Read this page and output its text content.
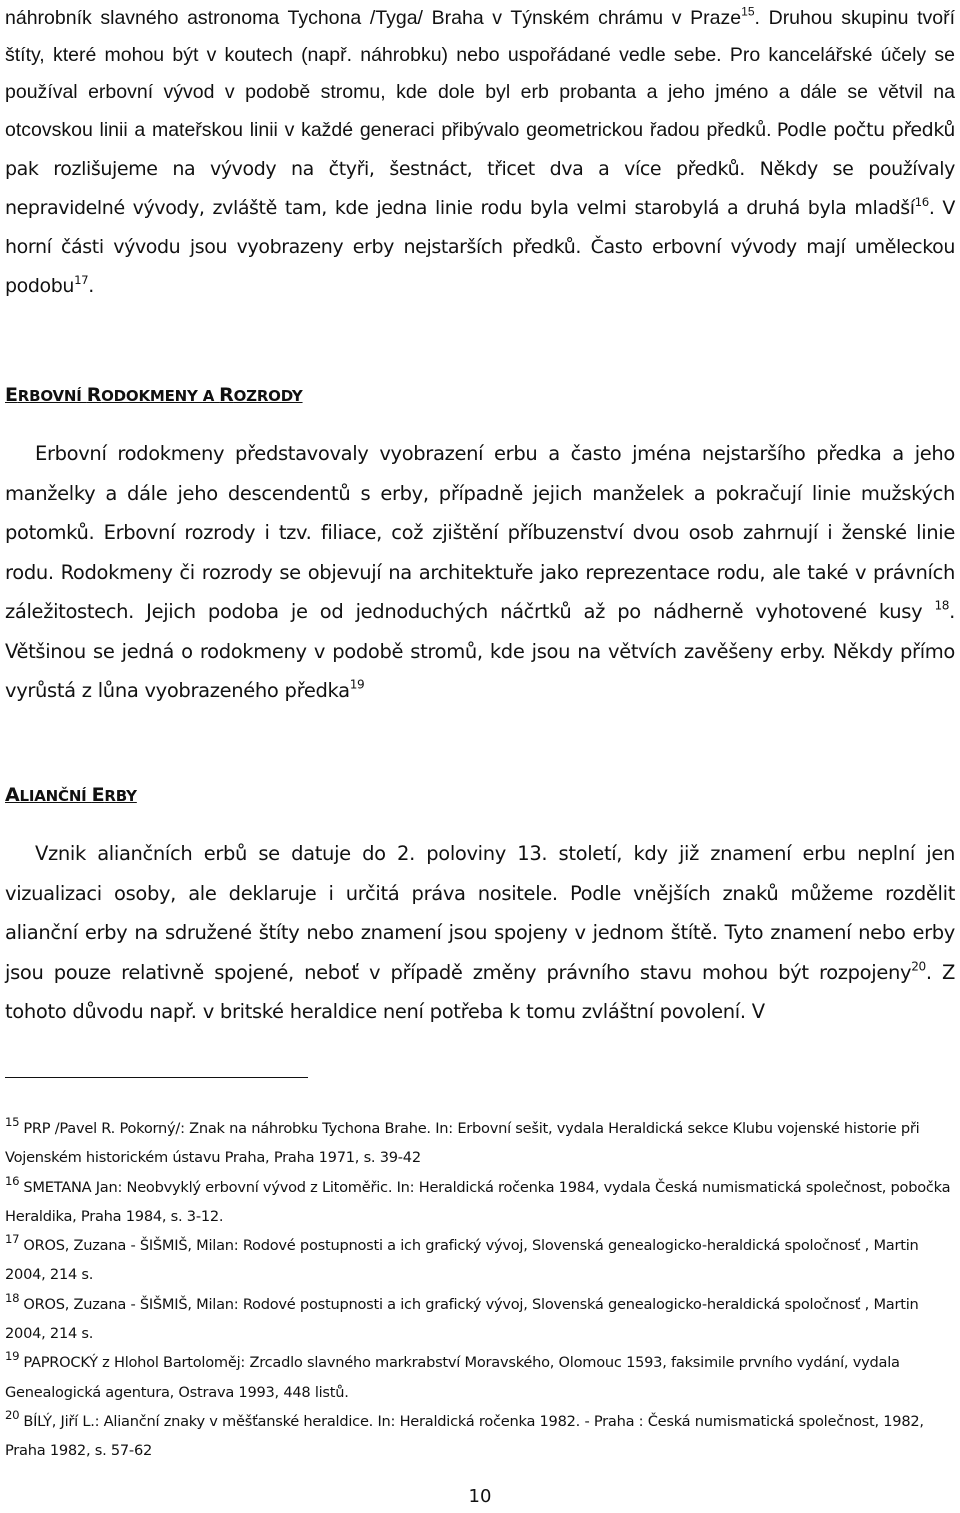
náhrobník slavného astronoma Tychona /Tyga/ Braha v Týnském chrámu v Praze$^{15}$. Druhou skupinu tvoří štíty, které mohou být v koutech (např. náhrobku) nebo uspořádané vedle sebe. Pro kancelářské účely se používal erbovní vývod v podobě stromu, kde dole byl erb probanta a jeho jméno a dále se větvil na otcovskou linii a mateřskou linii v každé generaci přibývalo geometrickou řadou předků. Podle počtu předků pak rozlišujeme na vývody na čtyři, šestnáct, třicet dva a více předků. Někdy se používaly nepravidelné vývody, zvláště tam, kde jedna linie rodu byla velmi starobylá a druhá byla mladší$^{16}$. V horní části vývodu jsou vyobrazeny erby nejstarších předků. Často erbovní vývody mají uměleckou podobu$^{17}$.

ERBOVNÍ RODOKMENY A ROZRODY

Erbovní rodokmeny představovaly vyobrazení erbu a často jména nejstaršího předka a jeho manželky a dále jeho descendentů s erby, případně jejich manželek a pokračují linie mužských potomků. Erbovní rozrody i tzv. filiace, což zjištění příbuzenství dvou osob zahrnují i ženské linie rodu. Rodokmeny či rozrody se objevují na architektuře jako reprezentace rodu, ale také v právních záležitostech. Jejich podoba je od jednoduchých náčrtků až po nádherně vyhotovené kusy $^{18}$. Většinou se jedná o rodokmeny v podobě stromů, kde jsou na větvích zavěšeny erby. Někdy přímo vyrůstá z lůna vyobrazeného předka$^{19}$

ALIANČNÍ ERBY

Vznik aliančních erbů se datuje do 2. poloviny 13. století, kdy již znamení erbu neplní jen vizualizaci osoby, ale deklaruje i určitá práva nositele. Podle vnějších znaků můžeme rozdělit alianční erby na sdružené štíty nebo znamení jsou spojeny v jednom štítě. Tyto znamení nebo erby jsou pouze relativně spojené, neboť v případě změny právního stavu mohou být rozpojeny$^{20}$. Z tohoto důvodu např. v britské heraldice není potřeba k tomu zvláštní povolení. V

$^{15}$ PRP /Pavel R. Pokorný/: Znak na náhrobku Tychona Brahe. In: Erbovní sešit, vydala Heraldická sekce Klubu vojenské historie při Vojenském historickém ústavu Praha, Praha 1971, s. 39-42

$^{16}$ SMETANA Jan: Neobvyklý erbovní vývod z Litoměřic. In: Heraldická ročenka 1984, vydala Česká numismatická společnost, pobočka Heraldika, Praha 1984, s. 3-12.

$^{17}$ OROS, Zuzana - ŠIŠMIŠ, Milan: Rodové postupnosti a ich grafický vývoj, Slovenská genealogicko-heraldická spoločnosť , Martin 2004, 214 s.

$^{18}$ OROS, Zuzana - ŠIŠMIŠ, Milan: Rodové postupnosti a ich grafický vývoj, Slovenská genealogicko-heraldická spoločnosť , Martin 2004, 214 s.

$^{19}$ PAPROCKÝ z Hlohol Bartoloměj: Zrcadlo slavného markrabství Moravského, Olomouc 1593, faksimile prvního vydání, vydala Genealogická agentura, Ostrava 1993, 448 listů.

$^{20}$ BÍLÝ, Jiří L.: Alianční znaky v měšťanské heraldice. In: Heraldická ročenka 1982. - Praha : Česká numismatická společnost, 1982, Praha 1982, s. 57-62

10
